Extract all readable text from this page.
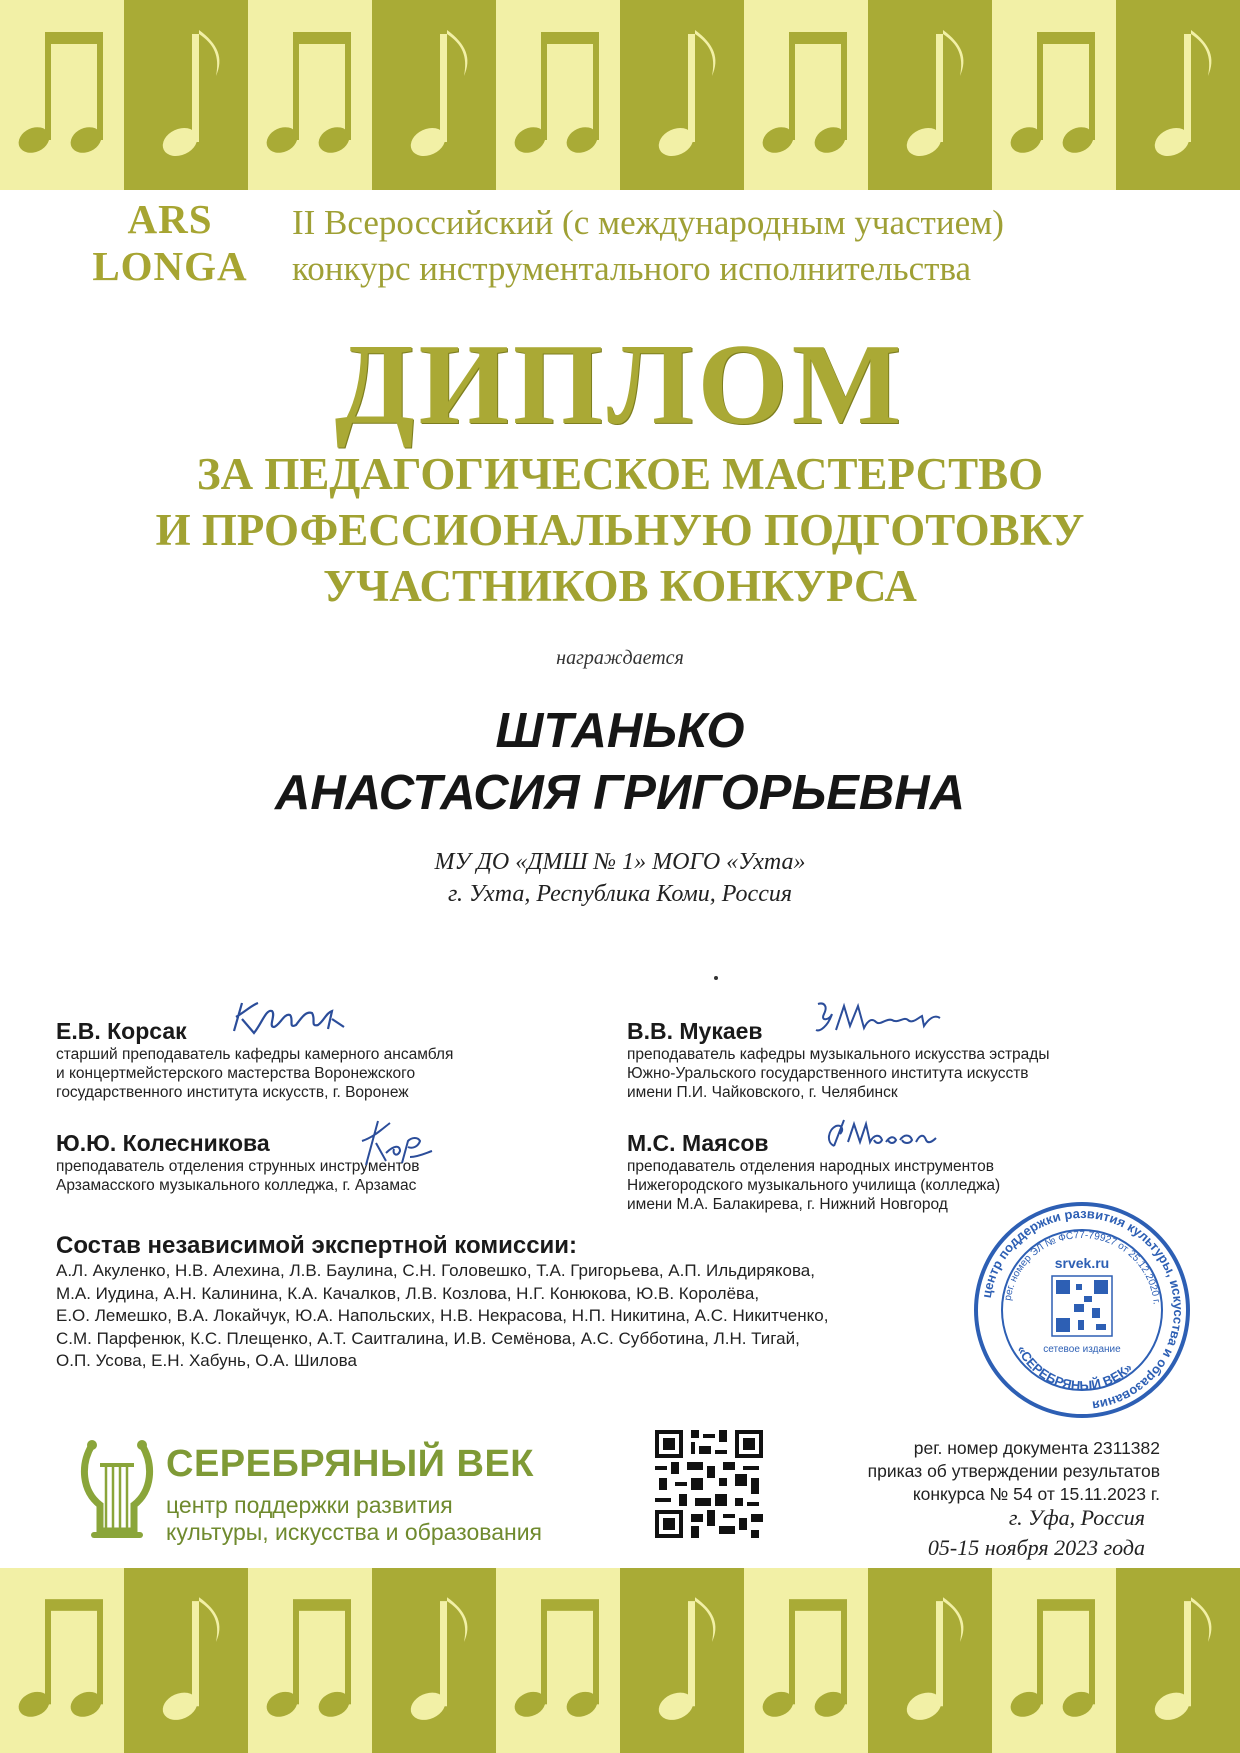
ARS
LONGA
II Всероссийский (с международным участием)
конкурс инструментального исполнительства
ДИПЛОМ
ЗА ПЕДАГОГИЧЕСКОЕ МАСТЕРСТВО
И ПРОФЕССИОНАЛЬНУЮ ПОДГОТОВКУ
УЧАСТНИКОВ КОНКУРСА
награждается
ШТАНЬКО
АНАСТАСИЯ ГРИГОРЬЕВНА
МУ ДО «ДМШ № 1» МОГО «Ухта»
г. Ухта, Республика Коми, Россия
Е.В. Корсак
старший преподаватель кафедры камерного ансамбля
и концертмейстерского мастерства Воронежского
государственного института искусств, г. Воронеж
В.В. Мукаев
преподаватель кафедры музыкального искусства эстрады
Южно-Уральского государственного института искусств
имени П.И. Чайковского, г. Челябинск
Ю.Ю. Колесникова
преподаватель отделения струнных инструментов
Арзамасского музыкального колледжа, г. Арзамас
М.С. Маясов
преподаватель отделения народных инструментов
Нижегородского музыкального училища (колледжа)
имени М.А. Балакирева, г. Нижний Новгород
Состав независимой экспертной комиссии:
А.Л. Акуленко, Н.В. Алехина, Л.В. Баулина, С.Н. Головешко, Т.А. Григорьева, А.П. Ильдирякова,
М.А. Иудина, А.Н. Калинина, К.А. Качалков, Л.В. Козлова, Н.Г. Конюкова, Ю.В. Королёва,
Е.О. Лемешко, В.А. Локайчук, Ю.А. Напольских, Н.В. Некрасова, Н.П. Никитина, А.С. Никитченко,
С.М. Парфенюк, К.С. Плещенко, А.Т. Саитгалина, И.В. Семёнова, А.С. Субботина, Л.Н. Тигай,
О.П. Усова, Е.Н. Хабунь, О.А. Шилова
центр поддержки развития культуры, искусства и образования
рег. номер ЭЛ № ФС77-79927 от 25.12.2020 г.
srvek.ru
сетевое издание
«СЕРЕБРЯНЫЙ ВЕК»
СЕРЕБРЯНЫЙ ВЕК
центр поддержки развития
культуры, искусства и образования
рег. номер документа 2311382
приказ об утверждении результатов
конкурса № 54 от 15.11.2023 г.
г. Уфа, Россия
05-15 ноября 2023 года
